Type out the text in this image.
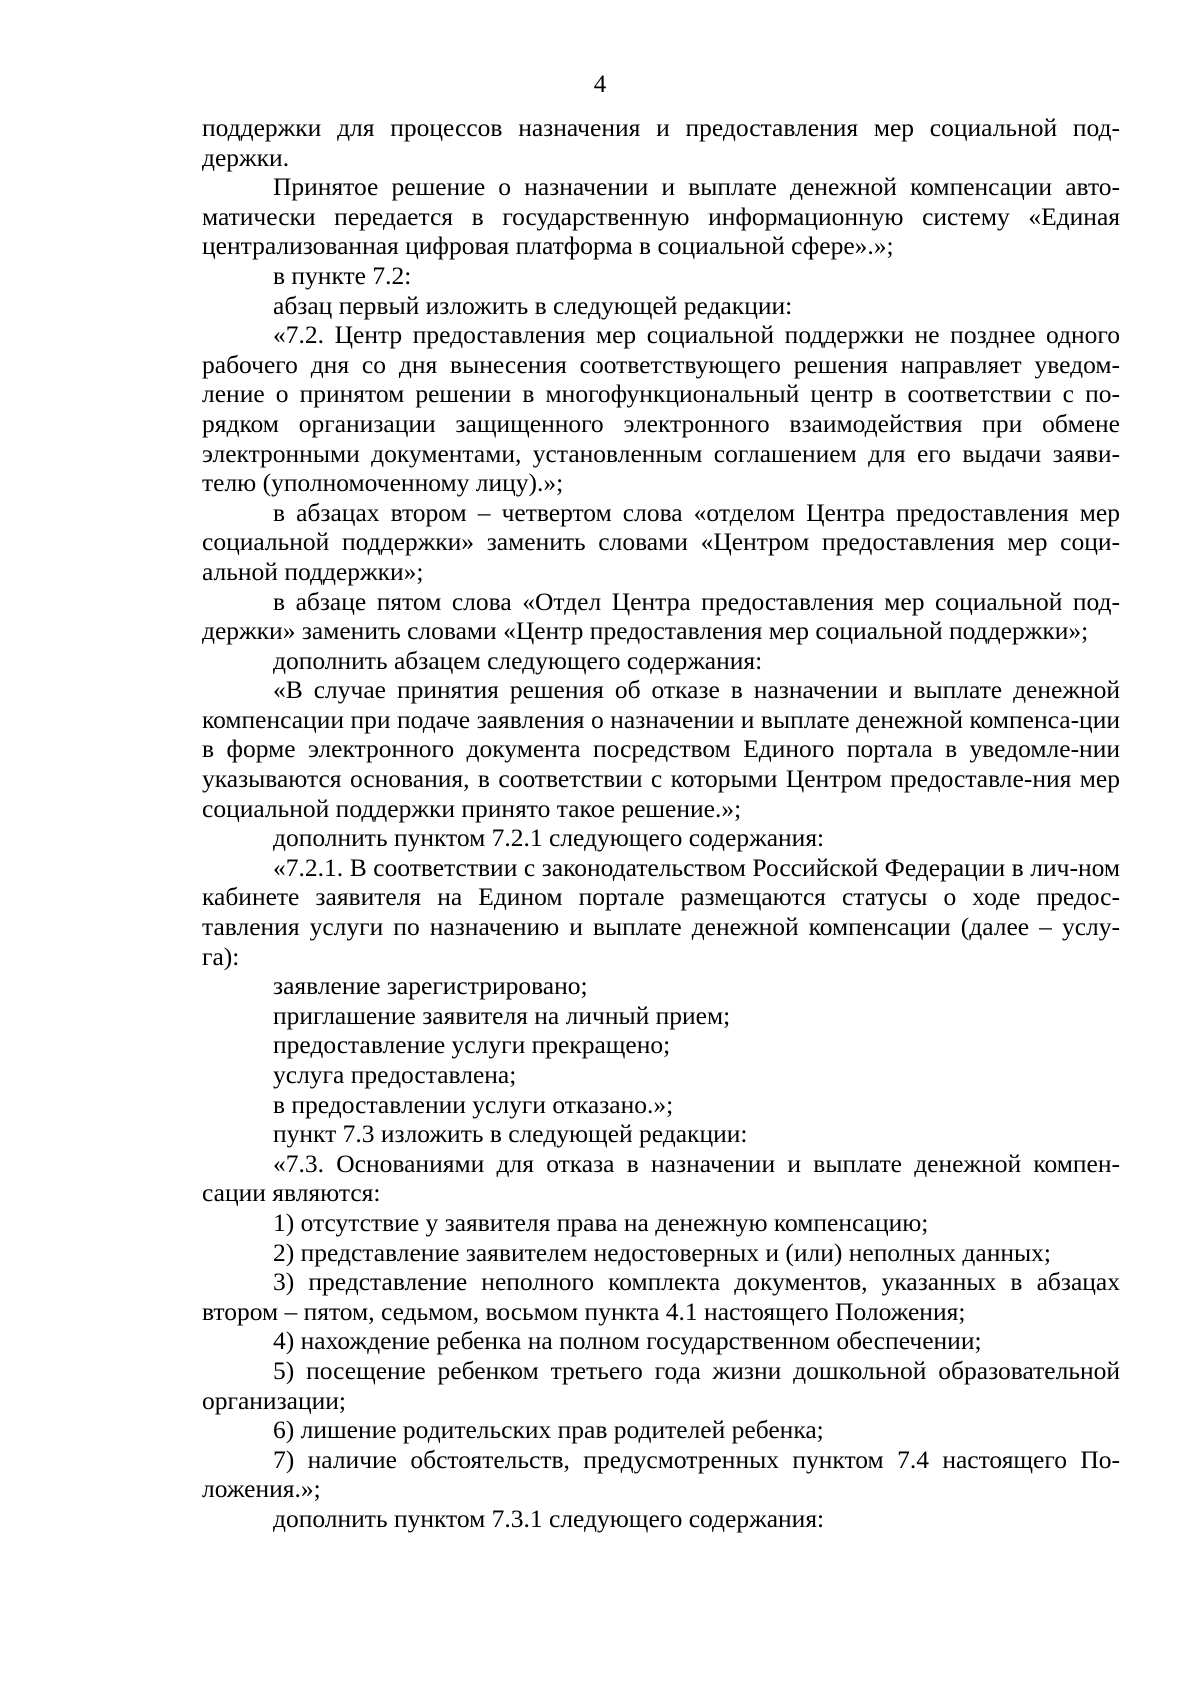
4

поддержки для процессов назначения и предоставления мер социальной под-держки.

Принятое решение о назначении и выплате денежной компенсации авто-матически передается в государственную информационную систему «Единая централизованная цифровая платформа в социальной сфере».»;

в пункте 7.2:

абзац первый изложить в следующей редакции:

«7.2. Центр предоставления мер социальной поддержки не позднее одного рабочего дня со дня вынесения соответствующего решения направляет уведом-ление о принятом решении в многофункциональный центр в соответствии с по-рядком организации защищенного электронного взаимодействия при обмене электронными документами, установленным соглашением для его выдачи заяви-телю (уполномоченному лицу).»;

в абзацах втором – четвертом слова «отделом Центра предоставления мер социальной поддержки» заменить словами «Центром предоставления мер соци-альной поддержки»;

в абзаце пятом слова «Отдел Центра предоставления мер социальной под-держки» заменить словами «Центр предоставления мер социальной поддержки»;

дополнить абзацем следующего содержания:

«В случае принятия решения об отказе в назначении и выплате денежной компенсации при подаче заявления о назначении и выплате денежной компенса-ции в форме электронного документа посредством Единого портала в уведомле-нии указываются основания, в соответствии с которыми Центром предоставле-ния мер социальной поддержки принято такое решение.»;

дополнить пунктом 7.2.1 следующего содержания:

«7.2.1. В соответствии с законодательством Российской Федерации в лич-ном кабинете заявителя на Едином портале размещаются статусы о ходе предос-тавления услуги по назначению и выплате денежной компенсации (далее – услу-га):

заявление зарегистрировано;

приглашение заявителя на личный прием;

предоставление услуги прекращено;

услуга предоставлена;

в предоставлении услуги отказано.»;

пункт 7.3 изложить в следующей редакции:

«7.3. Основаниями для отказа в назначении и выплате денежной компен-сации являются:

1) отсутствие у заявителя права на денежную компенсацию;

2) представление заявителем недостоверных и (или) неполных данных;

3) представление неполного комплекта документов, указанных в абзацах втором – пятом, седьмом, восьмом пункта 4.1 настоящего Положения;

4) нахождение ребенка на полном государственном обеспечении;

5) посещение ребенком третьего года жизни дошкольной образовательной организации;

6) лишение родительских прав родителей ребенка;

7) наличие обстоятельств, предусмотренных пунктом 7.4 настоящего По-ложения.»;

дополнить пунктом 7.3.1 следующего содержания:
